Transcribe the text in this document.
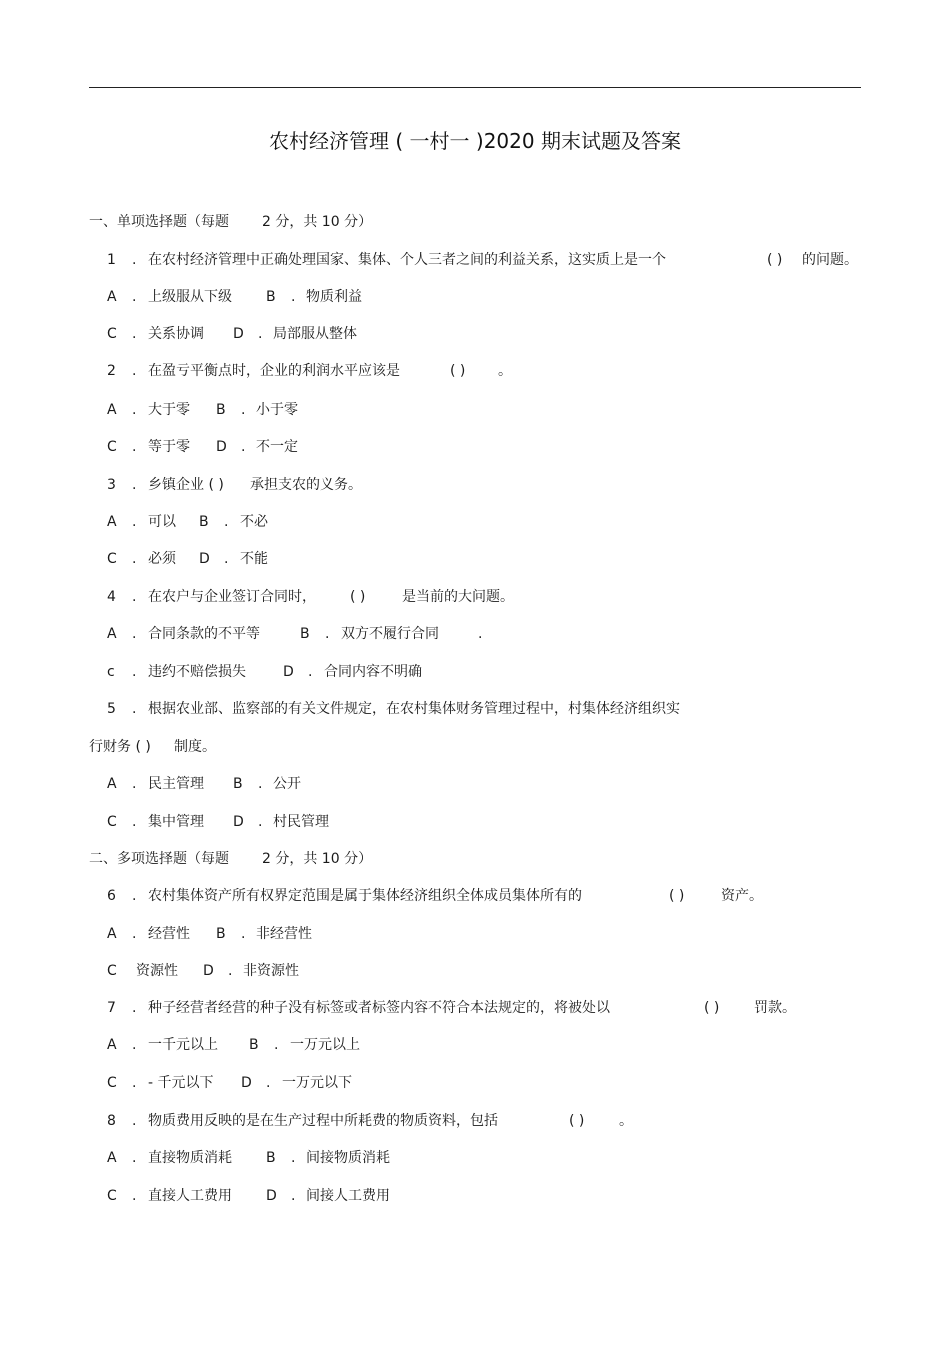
农村经济管理 ( 一村一 )2020 期末试题及答案
一、单项选择题（每题 2 分，共 10 分）
1 . 在农村经济管理中正确处理国家、集体、个人三者之间的利益关系，这实质上是一个	( ) 的问题。
A . 上级服从下级 B . 物质利益
C . 关系协调 D . 局部服从整体
2 . 在盈亏平衡点时，企业的利润水平应该是	( ) 。
A . 大于零 B . 小于零
C . 等于零 D . 不一定
3 . 乡镇企业 ( ) 承担支农的义务。
A . 可以 B . 不必
C . 必须 D . 不能
4 . 在农户与企业签订合同时， ( )	是当前的大问题。
A . 合同条款的不平等	B . 双方不履行合同	.
c . 违约不赔偿损失	D . 合同内容不明确
5 . 根据农业部、监察部的有关文件规定，在农村集体财务管理过程中，村集体经济组织实
行财务 ( ) 制度。
A . 民主管理 B . 公开
C . 集中管理 D . 村民管理
二、多项选择题（每题 2 分，共 10 分）
6 . 农村集体资产所有权界定范围是属于集体经济组织全体成员集体所有的	( )	资产。
A . 经营性 B . 非经营性
C 资源性 D . 非资源性
7 . 种子经营者经营的种子没有标签或者标签内容不符合本法规定的，将被处以	( ) 罚款。
A . 一千元以上 B . 一万元以上
C . - 千元以下 D . 一万元以下
8 . 物质费用反映的是在生产过程中所耗费的物质资料，包括	( ) 。
A . 直接物质消耗 B . 间接物质消耗
C . 直接人工费用 D . 间接人工费用
